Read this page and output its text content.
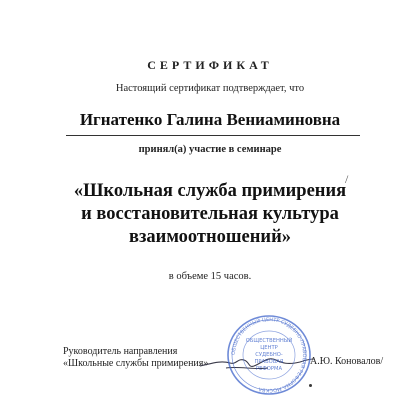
СЕРТИФИКАТ
Настоящий сертификат подтверждает, что
Игнатенко Галина Вениаминовна
принял(а) участие в семинаре
«Школьная служба примирения
и восстановительная культура
взаимоотношений»
/
в объеме 15 часов.
Руководитель направления
«Школьные службы примирения»
ОБЩЕСТВЕННЫЙ ЦЕНТР СУДЕБНО-ПРАВОВАЯ РЕФОРМА МОСКВА
ОБЩЕСТВЕННЫЙ
ЦЕНТР
СУДЕБНО-
ПРАВОВАЯ
РЕФОРМА
А.Ю. Коновалов/
